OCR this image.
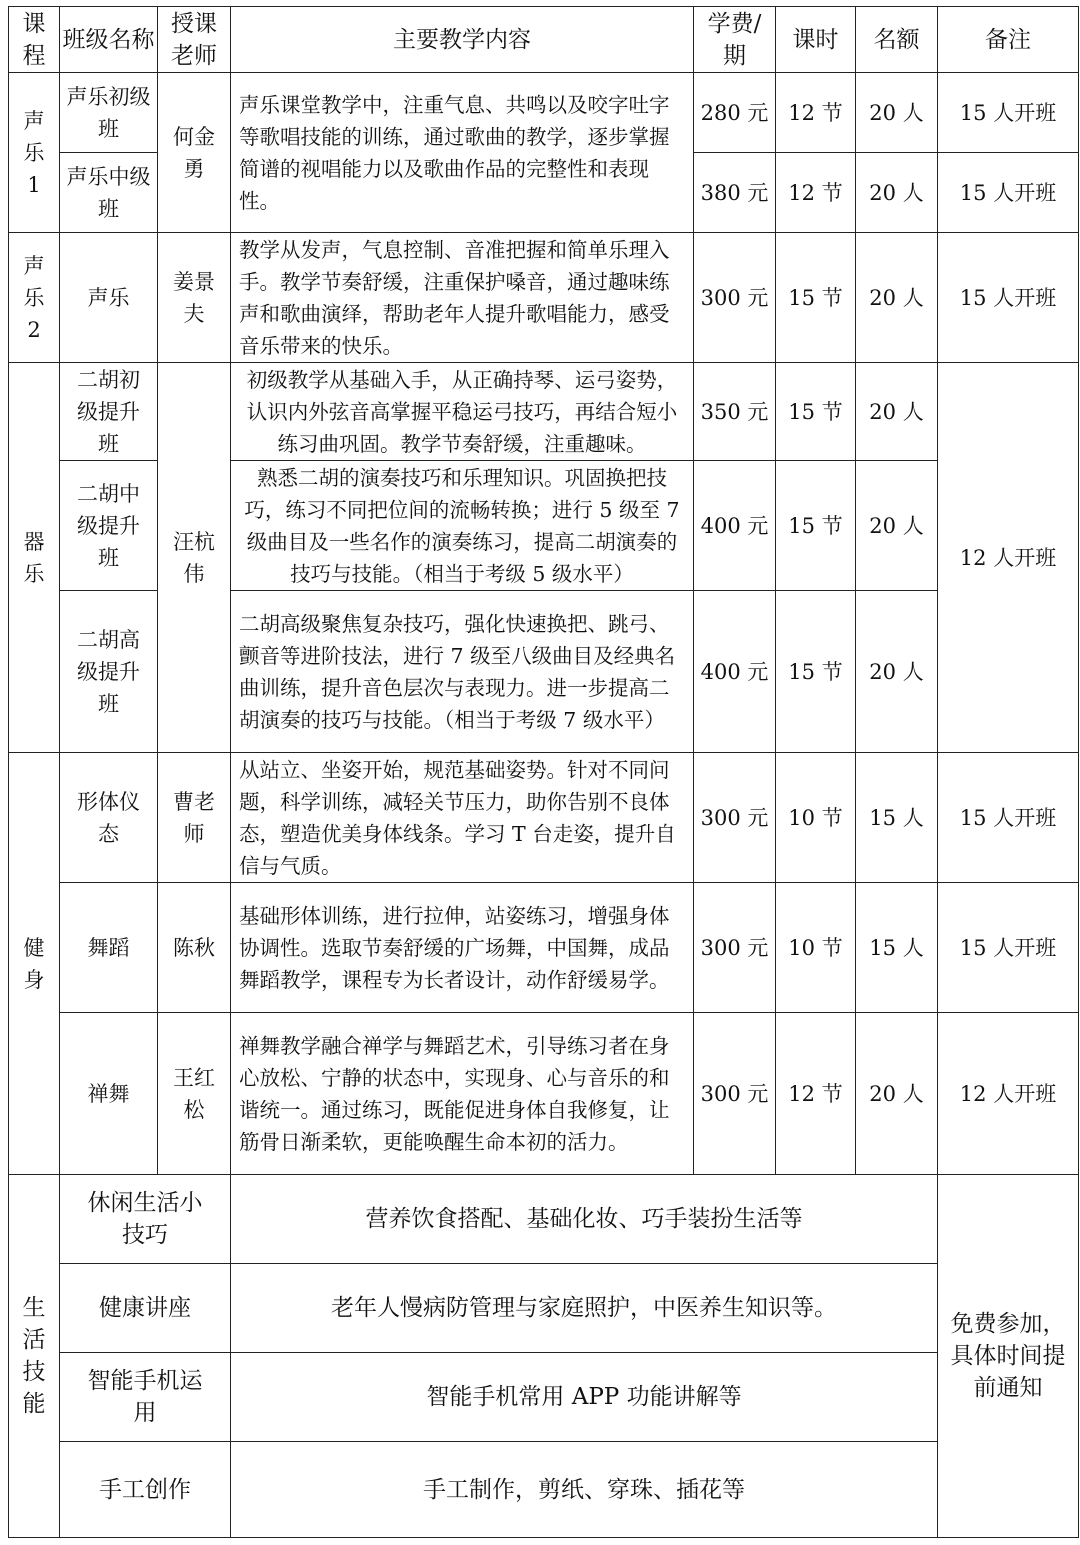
课程	班级名称	授课老师	主要教学内容	学费/期	课时	名额	备注
声乐1	声乐初级班	何金勇	声乐课堂教学中，注重气息、共鸣以及咬字吐字等歌唱技能的训练，通过歌曲的教学，逐步掌握简谱的视唱能力以及歌曲作品的完整性和表现性。	280 元	12 节	20 人	15 人开班
	声乐中级班			380 元	12 节	20 人	15 人开班
声乐2	声乐	姜景夫	教学从发声，气息控制、音准把握和简单乐理入手。教学节奏舒缓，注重保护嗓音，通过趣味练声和歌曲演绎，帮助老年人提升歌唱能力，感受音乐带来的快乐。	300 元	15 节	20 人	15 人开班
器乐	二胡初级提升班	汪杭伟	初级教学从基础入手，从正确持琴、运弓姿势，认识内外弦音高掌握平稳运弓技巧，再结合短小练习曲巩固。教学节奏舒缓，注重趣味。	350 元	15 节	20 人	12 人开班
	二胡中级提升班		熟悉二胡的演奏技巧和乐理知识。巩固换把技巧，练习不同把位间的流畅转换；进行 5 级至 7 级曲目及一些名作的演奏练习，提高二胡演奏的技巧与技能。（相当于考级 5 级水平）	400 元	15 节	20 人	
	二胡高级提升班		二胡高级聚焦复杂技巧，强化快速换把、跳弓、颤音等进阶技法，进行 7 级至八级曲目及经典名曲训练，提升音色层次与表现力。进一步提高二胡演奏的技巧与技能。（相当于考级 7 级水平）	400 元	15 节	20 人	
健身	形体仪态	曹老师	从站立、坐姿开始，规范基础姿势。针对不同问题，科学训练，减轻关节压力，助你告别不良体态，塑造优美身体线条。学习 T 台走姿，提升自信与气质。	300 元	10 节	15 人	15 人开班
	舞蹈	陈秋	基础形体训练，进行拉伸，站姿练习，增强身体协调性。选取节奏舒缓的广场舞，中国舞，成品舞蹈教学，课程专为长者设计，动作舒缓易学。	300 元	10 节	15 人	15 人开班
	禅舞	王红松	禅舞教学融合禅学与舞蹈艺术，引导练习者在身心放松、宁静的状态中，实现身、心与音乐的和谐统一。通过练习，既能促进身体自我修复，让筋骨日渐柔软，更能唤醒生命本初的活力。	300 元	12 节	20 人	12 人开班
生活技能	休闲生活小技巧		营养饮食搭配、基础化妆、巧手装扮生活等				免费参加，具体时间提前通知
	健康讲座		老年人慢病防管理与家庭照护，中医养生知识等。				
	智能手机运用		智能手机常用 APP 功能讲解等				
	手工创作		手工制作，剪纸、穿珠、插花等				
